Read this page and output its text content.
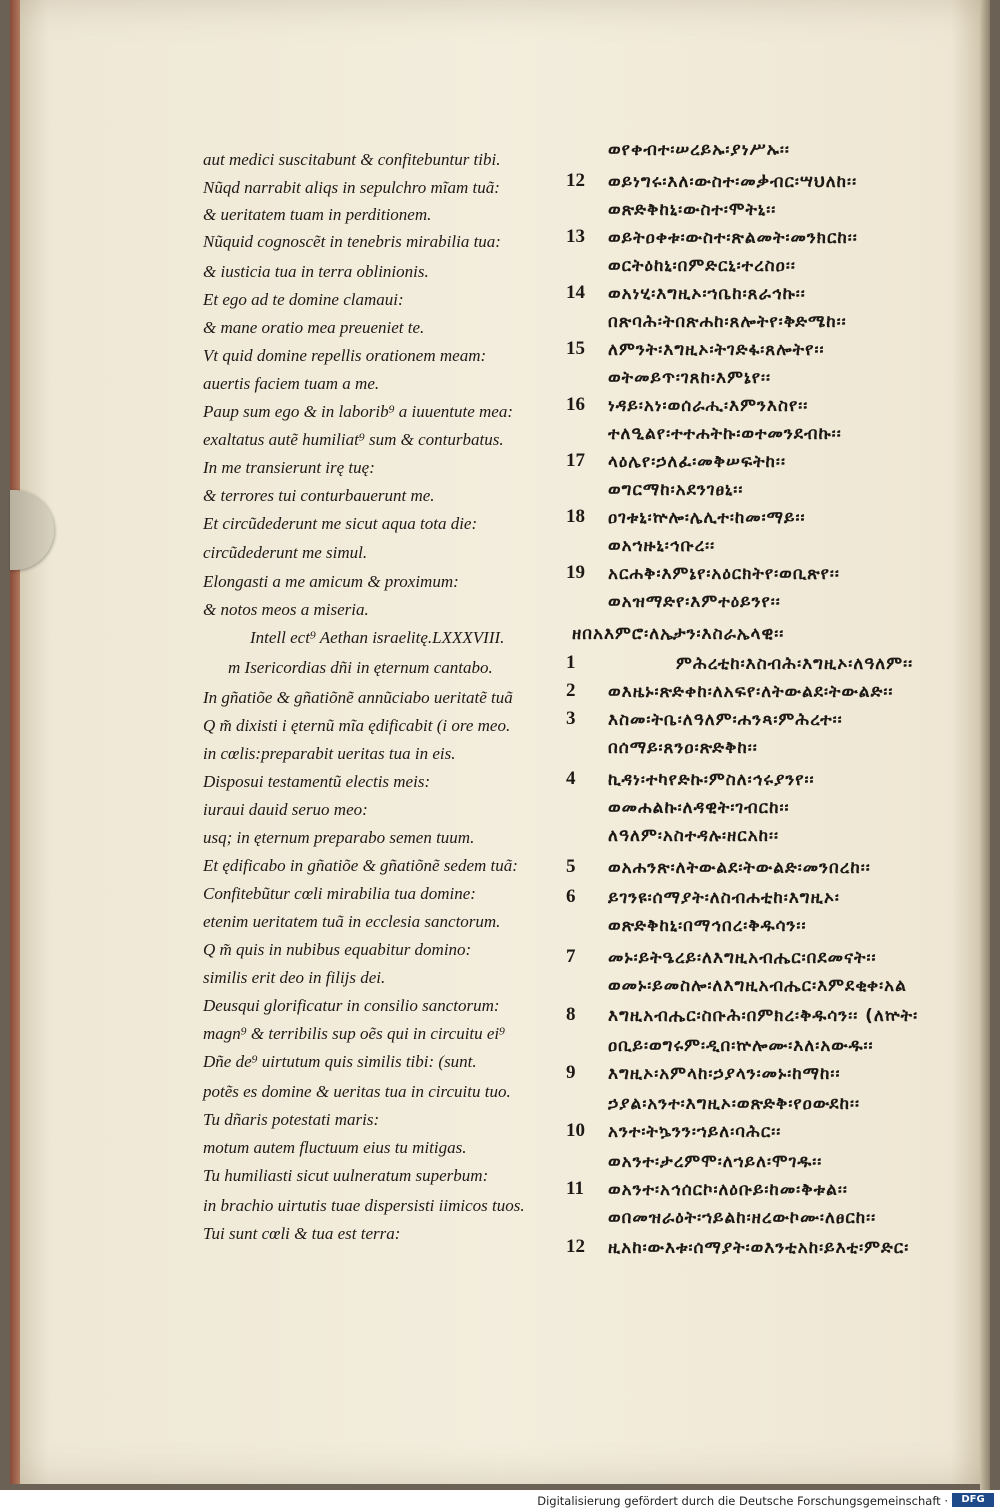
aut medici suscitabunt & confitebuntur tibi.
Nũqd narrabit aliqs in sepulchro mĩam tuã:
& ueritatem tuam in perditionem.
Nũquid cognoscẽt in tenebris mirabilia tua:
& iusticia tua in terra oblinionis.
Et ego ad te domine clamaui:
& mane oratio mea preueniet te.
Vt quid domine repellis orationem meam:
auertis faciem tuam a me.
Paup sum ego & in laborib⁹ a iuuentute mea:
exaltatus autẽ humiliat⁹ sum & conturbatus.
In me transierunt irę tuę:
& terrores tui conturbauerunt me.
Et circũdederunt me sicut aqua tota die:
circũdederunt me simul.
Elongasti a me amicum & proximum:
& notos meos a miseria.
Intell ect⁹ Aethan israelitę.LXXXVIII.
m Isericordias dñi in ęternum cantabo.
In gñatiõe & gñatiõnẽ annũciabo ueritatẽ tuã
Q m̃ dixisti i ęternũ mĩa ędificabit (i ore meo.
in cœlis:preparabit ueritas tua in eis.
Disposui testamentũ electis meis:
iuraui dauid seruo meo:
usq; in ęternum preparabo semen tuum.
Et ędificabo in gñatiõe & gñatiõnẽ sedem tuã:
Confitebũtur cœli mirabilia tua domine:
etenim ueritatem tuã in ecclesia sanctorum.
Q m̃ quis in nubibus equabitur domino:
similis erit deo in filijs dei.
Deusqui glorificatur in consilio sanctorum:
magn⁹ & terribilis sup oẽs qui in circuitu ei⁹
Dñe de⁹ uirtutum quis similis tibi: (sunt.
potẽs es domine & ueritas tua in circuitu tuo.
Tu dñaris potestati maris:
motum autem fluctuum eius tu mitigas.
Tu humiliasti sicut uulneratum superbum:
in brachio uirtutis tuae dispersisti iimicos tuos.
Tui sunt cœli & tua est terra:
ወየቀብተ፡ሠረይኡ፡ያነሥኡ፡፡
ወይነግሩ፡እለ፡ውስተ፡መቃብር፡ሣህለከ፡፡
ወጽድቅከኒ፡ውስተ፡ሞትኒ፡፡
ወይትዐቀቱ፡ውስተ፡ጽልመት፡መንክርከ፡፡
ወርትዕከኒ፡በምድርኒ፡ተረስዐ፡፡
ወአነሂ፡እግዚኦ፡ኀቤከ፡ጸራኅኩ፡፡
በጽባሕ፡ትበጽሐከ፡ጸሎትየ፡ቅድሜከ፡፡
ለምንት፡እግዚኦ፡ትገድፋ፡ጸሎትየ፡፡
ወትመይጥ፡ገጸከ፡እምኔየ፡፡
ነዳይ፡አነ፡ወሰራሒ፡እምንእስየ፡፡
ተለዒልየ፡ተተሐትኩ፡ወተመንደብኩ፡፡
ላዕሌየ፡ኃለፈ፡መቅሠፍትከ፡፡
ወግርማከ፡አደንገፀኒ፡፡
ዐገቱኒ፡ኵሎ፡ሌሊተ፡ከመ፡ማይ፡፡
ወአኀዙኒ፡ኅቡረ፡፡
አርሐቅ፡እምኔየ፡አዕርክትየ፡ወቢጽየ፡፡
ወአዝማድየ፡እምተዕይንየ፡፡
ዘበአእምሮ፡ለኤታን፡እስራኤላዊ፡፡
ምሕረቲከ፡እስብሕ፡እግዚኦ፡ለዓለም፡፡
ወእዜኑ፡ጽድቀከ፡ለአፍየ፡ለትውልደ፡ትውልድ፡፡
እስመ፡ትቤ፡ለዓለም፡ሐንጻ፡ምሕረተ፡፡
በሰማይ፡ጸንዐ፡ጽድቅከ፡፡
ኪዳነ፡ተካየድኩ፡ምስለ፡ኅሩያንየ፡፡
ወመሐልኩ፡ለዳዊት፡ገብርከ፡፡
ለዓለም፡አስተዳሉ፡ዘርአከ፡፡
ወአሐንጽ፡ለትውልደ፡ትውልድ፡መንበረከ፡፡
ይገንዩ፡ሰማያት፡ለስብሐቲከ፡እግዚኦ፡
ወጽድቅከኒ፡በማኅበረ፡ቅዱሳን፡፡
መኑ፡ይትዔረይ፡ለእግዚአብሔር፡በደመናት፡፡
ወመኑ፡ይመስሎ፡ለእግዚአብሔር፡እምደቂቀ፡አል
እግዚአብሔር፡ስቡሕ፡በምክረ፡ቅዱሳን፡፡ (ለኵት፡
ዐቢይ፡ወግሩም፡ዲበ፡ኵሎሙ፡እለ፡አውዱ፡፡
እግዚኦ፡አምላከ፡ኃያላን፡መኑ፡ከማከ፡፡
ኃያል፡አንተ፡እግዚኦ፡ወጽድቅ፡የዐውደከ፡፡
አንተ፡ትኴንን፡ኀይለ፡ባሕር፡፡
ወአንተ፡ታረምሞ፡ለኀይለ፡ሞገዱ፡፡
ወአንተ፡አኅሰርኮ፡ለዕቡይ፡ከመ፡ቅቱል፡፡
ወበመዝራዕት፡ኀይልከ፡ዘረውኮሙ፡ለፀርከ፡፡
ዚአከ፡ውእቱ፡ሰማያት፡ወእንቲአከ፡ይእቲ፡ምድር፡
12
13
14
15
16
17
18
19
1
2
3
4
5
6
7
8
9
10
11
12
Digitalisierung gefördert durch die Deutsche Forschungsgemeinschaft ·	DFG
